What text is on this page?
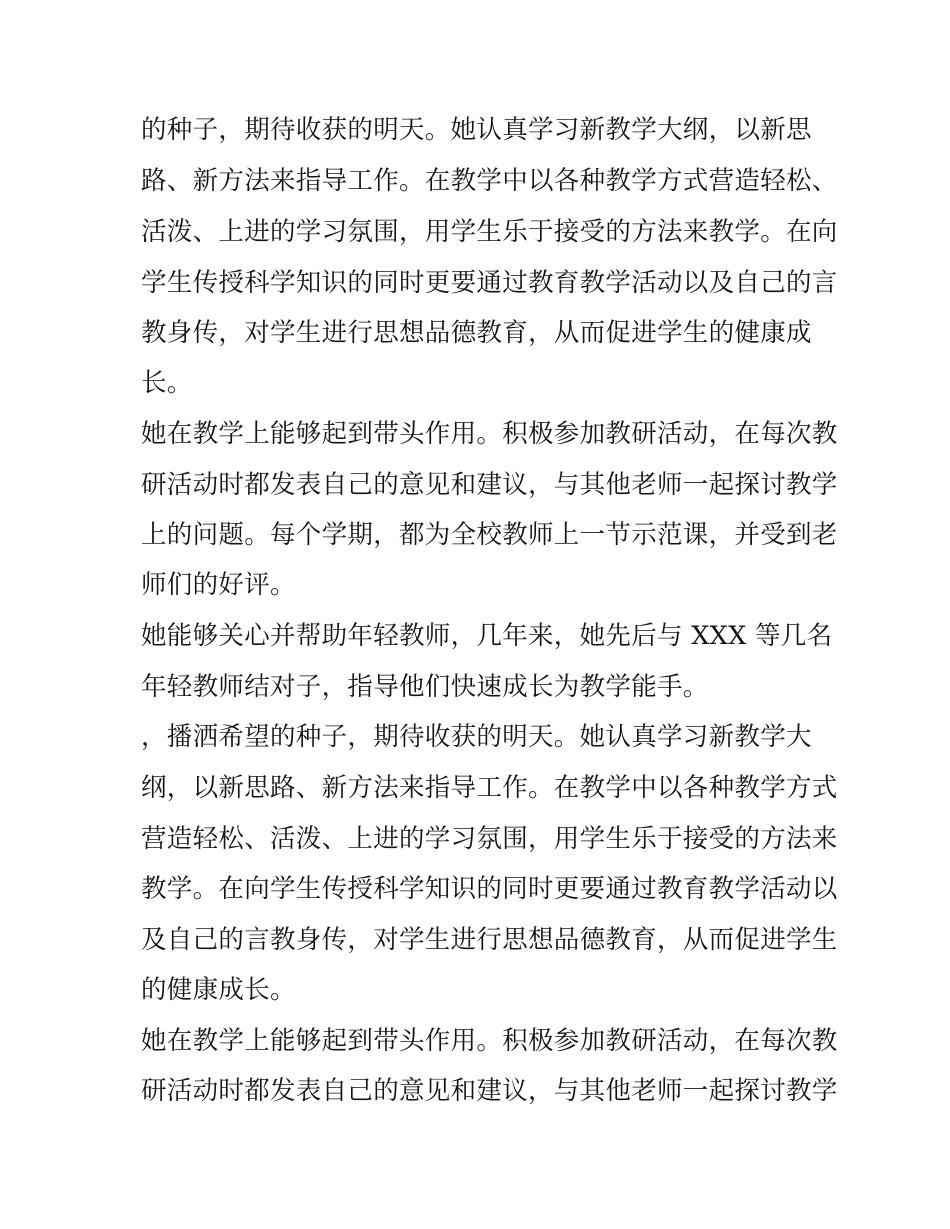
的种子，期待收获的明天。她认真学习新教学大纲，以新思
路、新方法来指导工作。在教学中以各种教学方式营造轻松、
活泼、上进的学习氛围，用学生乐于接受的方法来教学。在向
学生传授科学知识的同时更要通过教育教学活动以及自己的言
教身传，对学生进行思想品德教育，从而促进学生的健康成
长。
她在教学上能够起到带头作用。积极参加教研活动，在每次教
研活动时都发表自己的意见和建议，与其他老师一起探讨教学
上的问题。每个学期，都为全校教师上一节示范课，并受到老
师们的好评。
她能够关心并帮助年轻教师，几年来，她先后与 XXX 等几名
年轻教师结对子，指导他们快速成长为教学能手。
，播洒希望的种子，期待收获的明天。她认真学习新教学大
纲，以新思路、新方法来指导工作。在教学中以各种教学方式
营造轻松、活泼、上进的学习氛围，用学生乐于接受的方法来
教学。在向学生传授科学知识的同时更要通过教育教学活动以
及自己的言教身传，对学生进行思想品德教育，从而促进学生
的健康成长。
她在教学上能够起到带头作用。积极参加教研活动，在每次教
研活动时都发表自己的意见和建议，与其他老师一起探讨教学
